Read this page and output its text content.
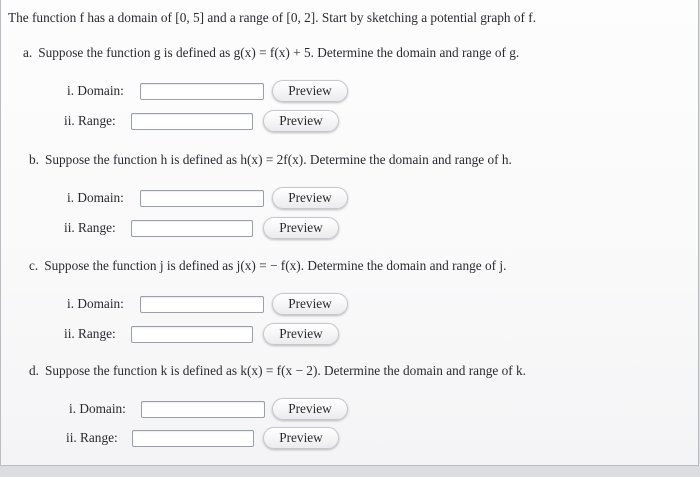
The function f has a domain of [0, 5] and a range of [0, 2]. Start by sketching a potential graph of f.
a. Suppose the function g is defined as g(x) = f(x) + 5. Determine the domain and range of g.
i. Domain:	Preview
ii. Range:	Preview
b. Suppose the function h is defined as h(x) = 2f(x). Determine the domain and range of h.
i. Domain:	Preview
ii. Range:	Preview
c. Suppose the function j is defined as j(x) = − f(x). Determine the domain and range of j.
i. Domain:	Preview
ii. Range:	Preview
d. Suppose the function k is defined as k(x) = f(x − 2). Determine the domain and range of k.
i. Domain:	Preview
ii. Range:	Preview
